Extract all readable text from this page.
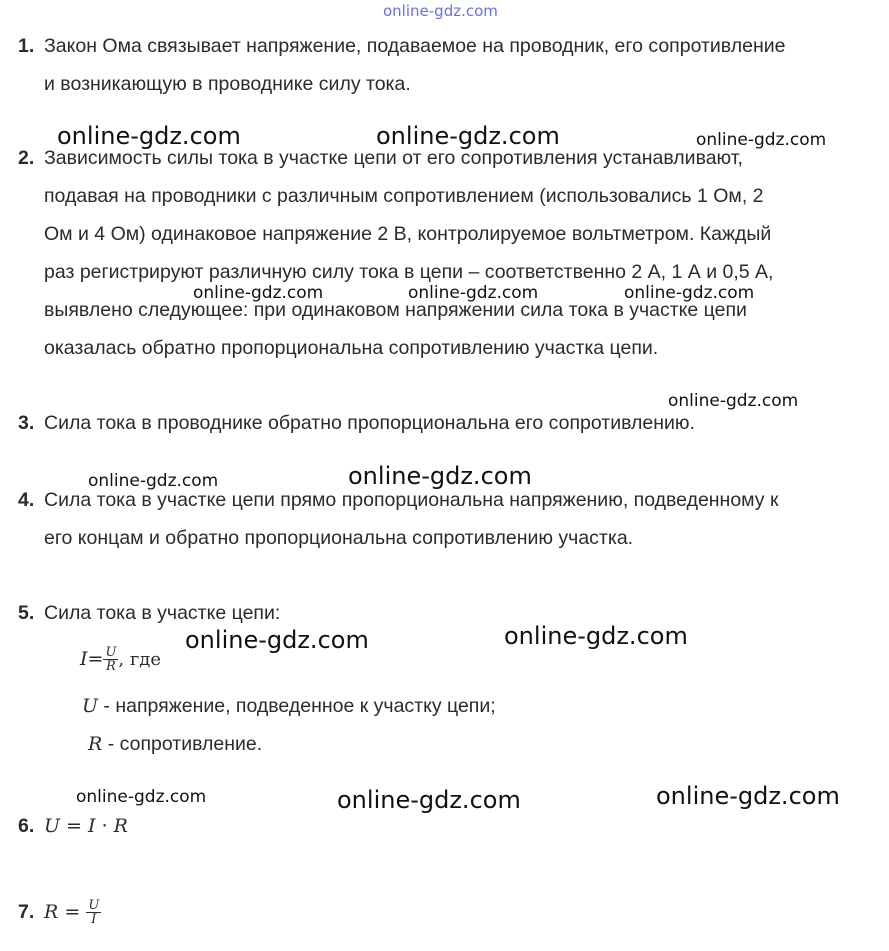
online-gdz.com
online-gdz.com	online-gdz.com	online-gdz.com
online-gdz.com	online-gdz.com	online-gdz.com
online-gdz.com
online-gdz.com	online-gdz.com
online-gdz.com	online-gdz.com
online-gdz.com	online-gdz.com	online-gdz.com
1. Закон Ома связывает напряжение, подаваемое на проводник, его сопротивление
и возникающую в проводнике силу тока.
2. Зависимость силы тока в участке цепи от его сопротивления устанавливают,
подавая на проводники с различным сопротивлением (использовались 1 Ом, 2
Ом и 4 Ом) одинаковое напряжение 2 В, контролируемое вольтметром. Каждый
раз регистрируют различную силу тока в цепи – соответственно 2 А, 1 А и 0,5 А,
выявлено следующее: при одинаковом напряжении сила тока в участке цепи
оказалась обратно пропорциональна сопротивлению участка цепи.
3. Сила тока в проводнике обратно пропорциональна его сопротивлению.
4. Сила тока в участке цепи прямо пропорциональна напряжению, подведенному к
его концам и обратно пропорциональна сопротивлению участка.
5. Сила тока в участке цепи:
$I= \frac{U}{R}$ , где
U - напряжение, подведенное к участку цепи;
R - сопротивление.
6. U = I · R
7. $R = \frac{U}{I}$
